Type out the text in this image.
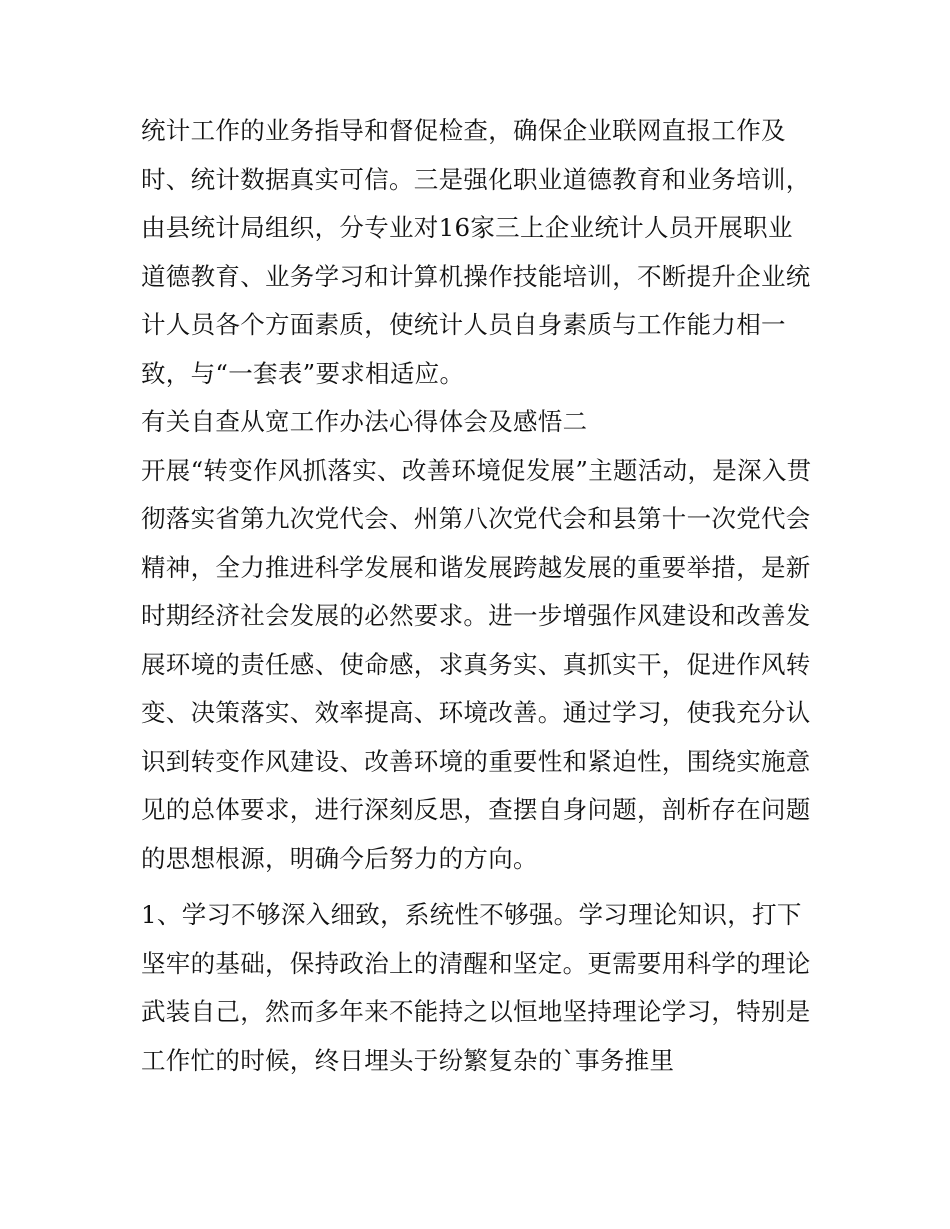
统计工作的业务指导和督促检查，确保企业联网直报工作及
时、统计数据真实可信。三是强化职业道德教育和业务培训，
由县统计局组织，分专业对16家三上企业统计人员开展职业
道德教育、业务学习和计算机操作技能培训，不断提升企业统
计人员各个方面素质，使统计人员自身素质与工作能力相一
致，与“一套表”要求相适应。

有关自查从宽工作办法心得体会及感悟二

开展“转变作风抓落实、改善环境促发展”主题活动，是深入贯
彻落实省第九次党代会、州第八次党代会和县第十一次党代会
精神，全力推进科学发展和谐发展跨越发展的重要举措，是新
时期经济社会发展的必然要求。进一步增强作风建设和改善发
展环境的责任感、使命感，求真务实、真抓实干，促进作风转
变、决策落实、效率提高、环境改善。通过学习，使我充分认
识到转变作风建设、改善环境的重要性和紧迫性，围绕实施意
见的总体要求，进行深刻反思，查摆自身问题，剖析存在问题
的思想根源，明确今后努力的方向。

1、学习不够深入细致，系统性不够强。学习理论知识，打下
坚牢的基础，保持政治上的清醒和坚定。更需要用科学的理论
武装自己，然而多年来不能持之以恒地坚持理论学习，特别是
工作忙的时候，终日埋头于纷繁复杂的`事务推里
